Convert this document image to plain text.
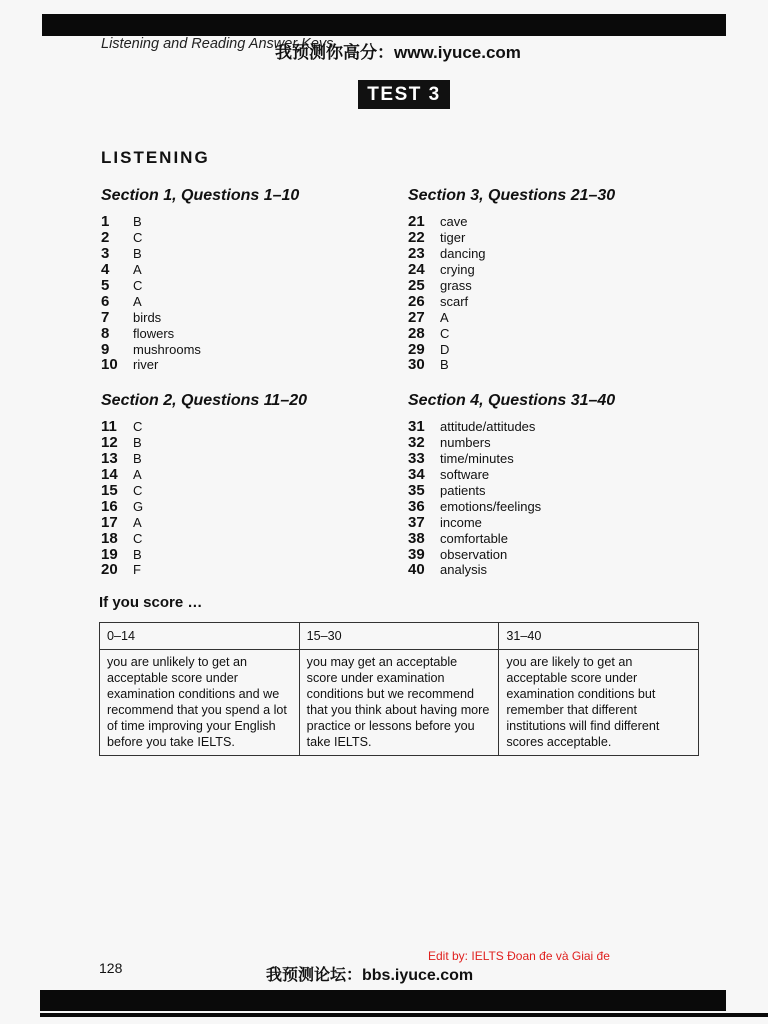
Listening and Reading Answer Keys
我预测你高分：www.iyuce.com
TEST 3
LISTENING
Section 1, Questions 1–10
1	B
2	C
3	B
4	A
5	C
6	A
7	birds
8	flowers
9	mushrooms
10	river
Section 2, Questions 11–20
11	C
12	B
13	B
14	A
15	C
16	G
17	A
18	C
19	B
20	F
Section 3, Questions 21–30
21	cave
22	tiger
23	dancing
24	crying
25	grass
26	scarf
27	A
28	C
29	D
30	B
Section 4, Questions 31–40
31	attitude/attitudes
32	numbers
33	time/minutes
34	software
35	patients
36	emotions/feelings
37	income
38	comfortable
39	observation
40	analysis
If you score …
0–14	15–30	31–40
you are unlikely to get an acceptable score under examination conditions and we recommend that you spend a lot of time improving your English before you take IELTS.	you may get an acceptable score under examination conditions but we recommend that you think about having more practice or lessons before you take IELTS.	you are likely to get an acceptable score under examination conditions but remember that different institutions will find different scores acceptable.
Edit by: IELTS Đoan đe và Giai đe
128	我预测论坛：bbs.iyuce.com
